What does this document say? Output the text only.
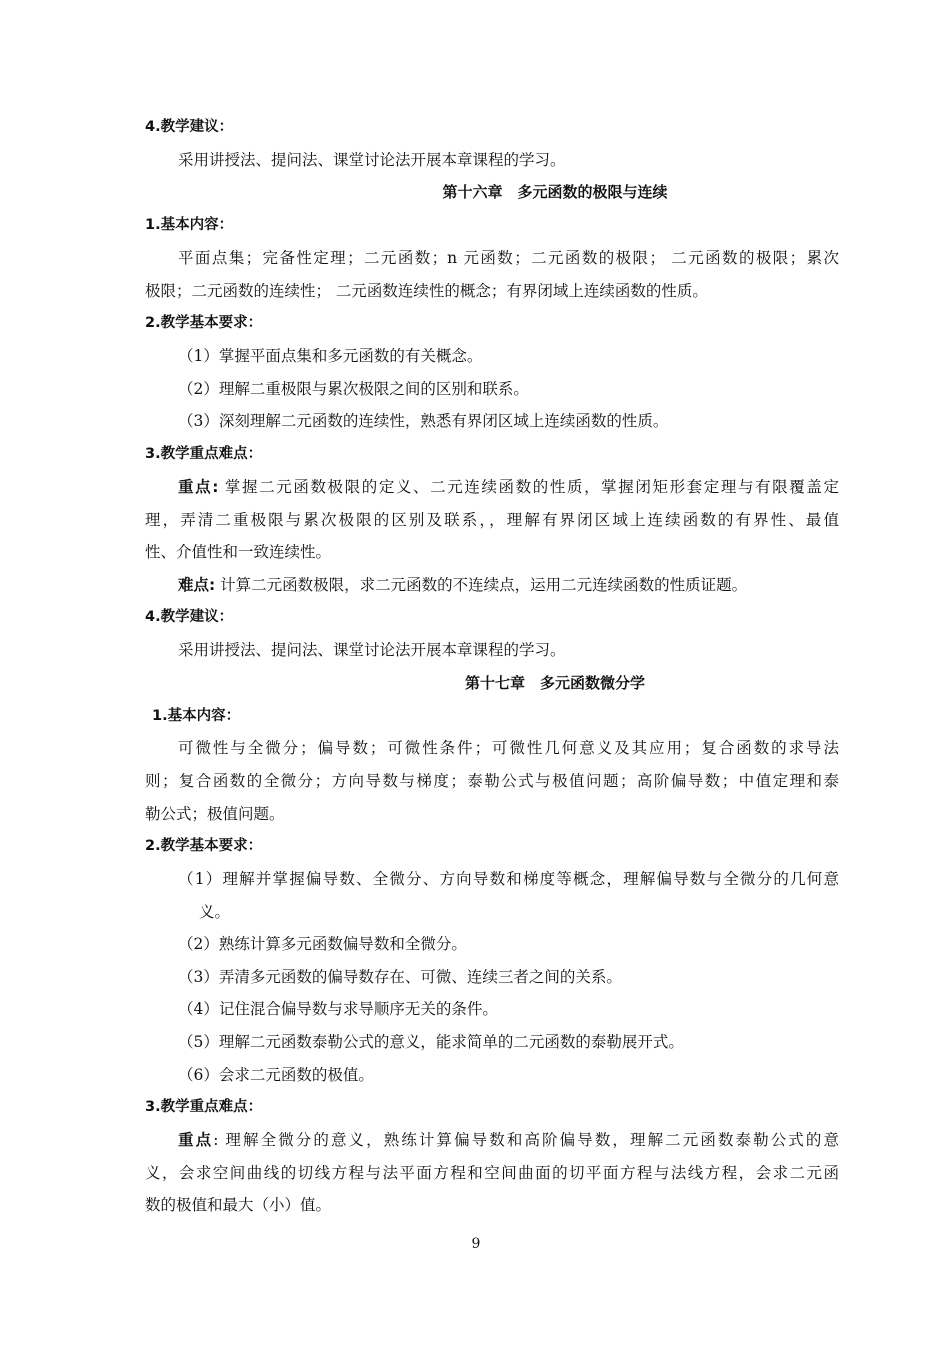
4.教学建议：
采用讲授法、提问法、课堂讨论法开展本章课程的学习。
第十六章　多元函数的极限与连续
1.基本内容：
平面点集；完备性定理；二元函数；n 元函数；二元函数的极限； 二元函数的极限；累次
极限；二元函数的连续性； 二元函数连续性的概念；有界闭域上连续函数的性质。
2.教学基本要求：
（1）掌握平面点集和多元函数的有关概念。
（2）理解二重极限与累次极限之间的区别和联系。
（3）深刻理解二元函数的连续性，熟悉有界闭区域上连续函数的性质。
3.教学重点难点：
重点: 掌握二元函数极限的定义、二元连续函数的性质，掌握闭矩形套定理与有限覆盖定
理，弄清二重极限与累次极限的区别及联系，，理解有界闭区域上连续函数的有界性、最值
性、介值性和一致连续性。
难点: 计算二元函数极限，求二元函数的不连续点，运用二元连续函数的性质证题。
4.教学建议：
采用讲授法、提问法、课堂讨论法开展本章课程的学习。
第十七章　多元函数微分学
1.基本内容：
可微性与全微分；偏导数；可微性条件；可微性几何意义及其应用；复合函数的求导法
则；复合函数的全微分；方向导数与梯度；泰勒公式与极值问题；高阶偏导数；中值定理和泰
勒公式；极值问题。
2.教学基本要求：
（1）理解并掌握偏导数、全微分、方向导数和梯度等概念，理解偏导数与全微分的几何意
义。
（2）熟练计算多元函数偏导数和全微分。
（3）弄清多元函数的偏导数存在、可微、连续三者之间的关系。
（4）记住混合偏导数与求导顺序无关的条件。
（5）理解二元函数泰勒公式的意义，能求简单的二元函数的泰勒展开式。
（6）会求二元函数的极值。
3.教学重点难点：
重点: 理解全微分的意义，熟练计算偏导数和高阶偏导数，理解二元函数泰勒公式的意
义，会求空间曲线的切线方程与法平面方程和空间曲面的切平面方程与法线方程，会求二元函
数的极值和最大（小）值。
9
